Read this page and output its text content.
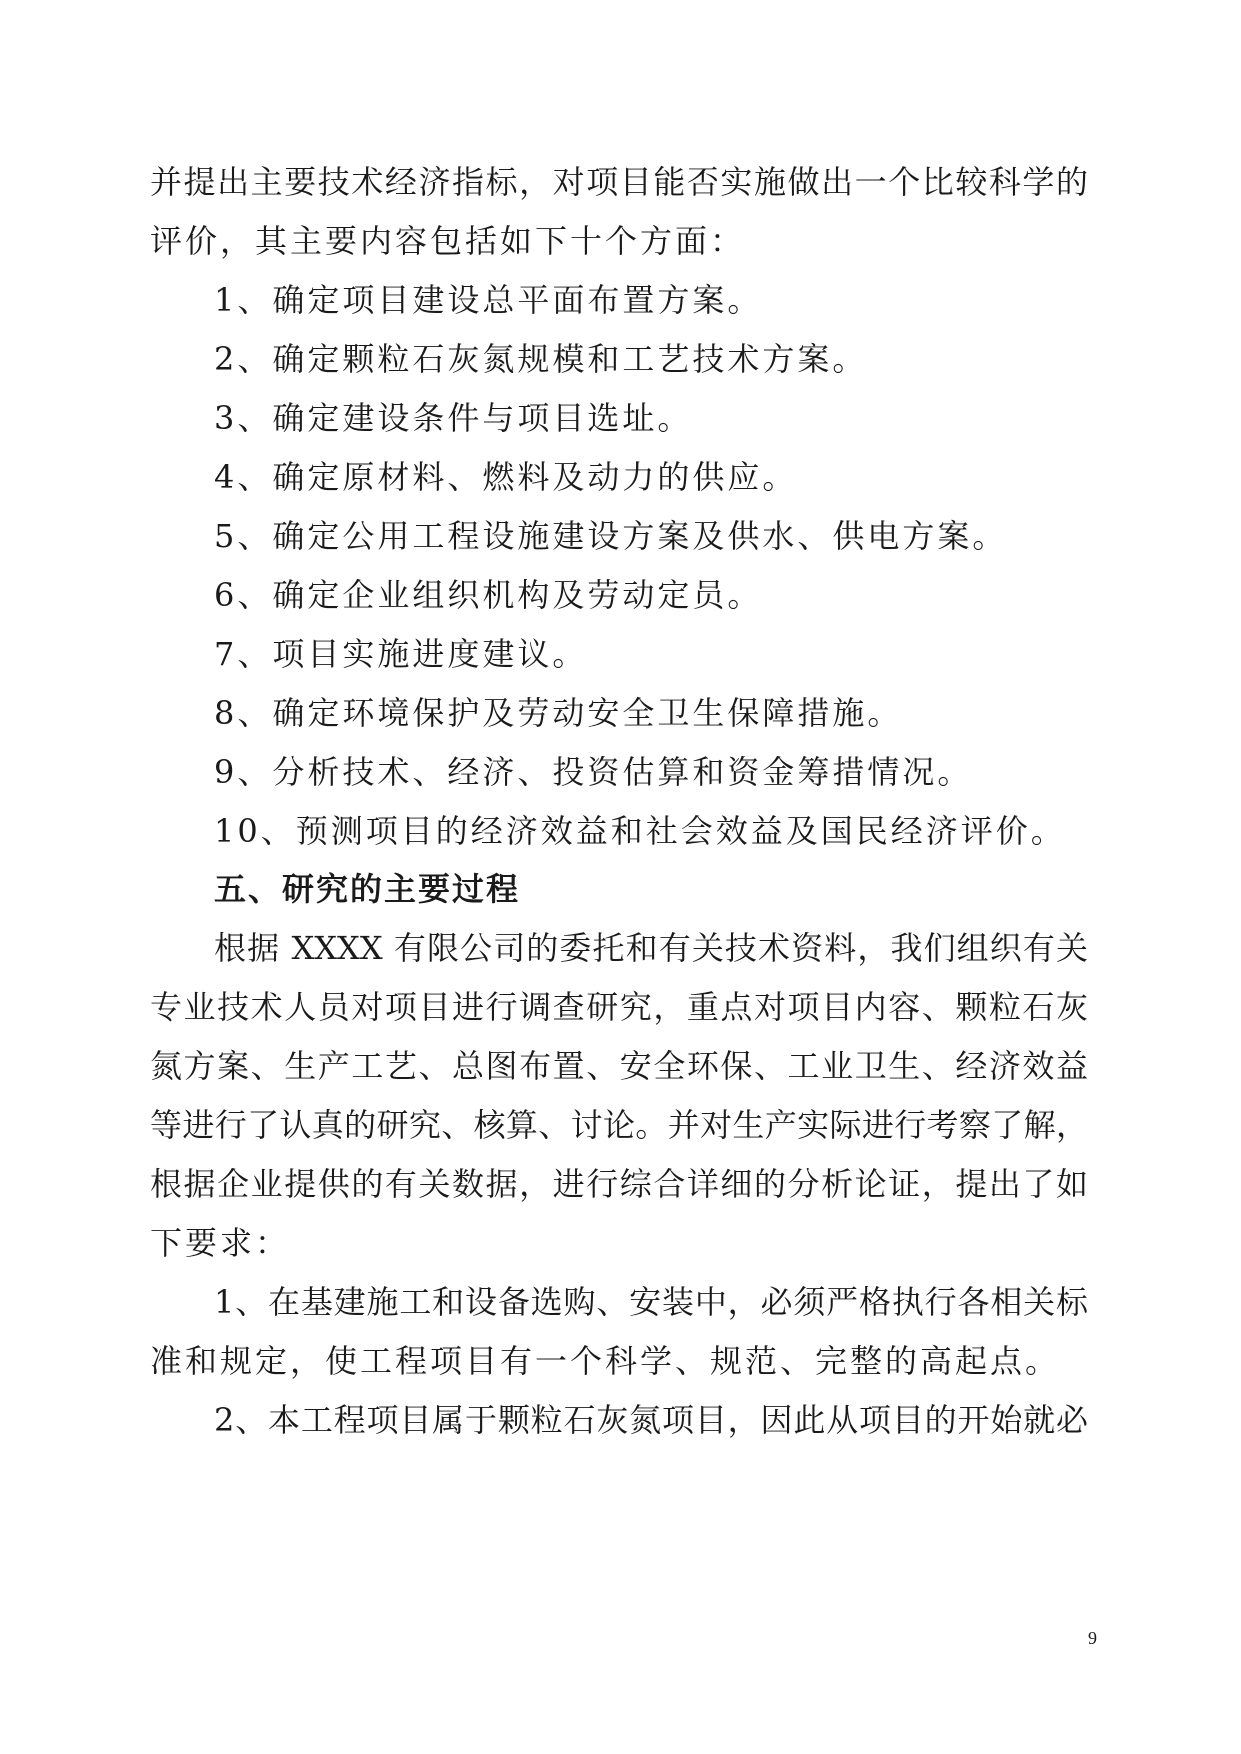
并提出主要技术经济指标，对项目能否实施做出一个比较科学的
评价，其主要内容包括如下十个方面：
1、确定项目建设总平面布置方案。
2、确定颗粒石灰氮规模和工艺技术方案。
3、确定建设条件与项目选址。
4、确定原材料、燃料及动力的供应。
5、确定公用工程设施建设方案及供水、供电方案。
6、确定企业组织机构及劳动定员。
7、项目实施进度建议。
8、确定环境保护及劳动安全卫生保障措施。
9、分析技术、经济、投资估算和资金筹措情况。
10、预测项目的经济效益和社会效益及国民经济评价。
五、研究的主要过程
根据 XXXX 有限公司的委托和有关技术资料，我们组织有关
专业技术人员对项目进行调查研究，重点对项目内容、颗粒石灰
氮方案、生产工艺、总图布置、安全环保、工业卫生、经济效益
等进行了认真的研究、核算、讨论。并对生产实际进行考察了解，
根据企业提供的有关数据，进行综合详细的分析论证，提出了如
下要求：
1、在基建施工和设备选购、安装中，必须严格执行各相关标
准和规定，使工程项目有一个科学、规范、完整的高起点。
2、本工程项目属于颗粒石灰氮项目，因此从项目的开始就必
9
